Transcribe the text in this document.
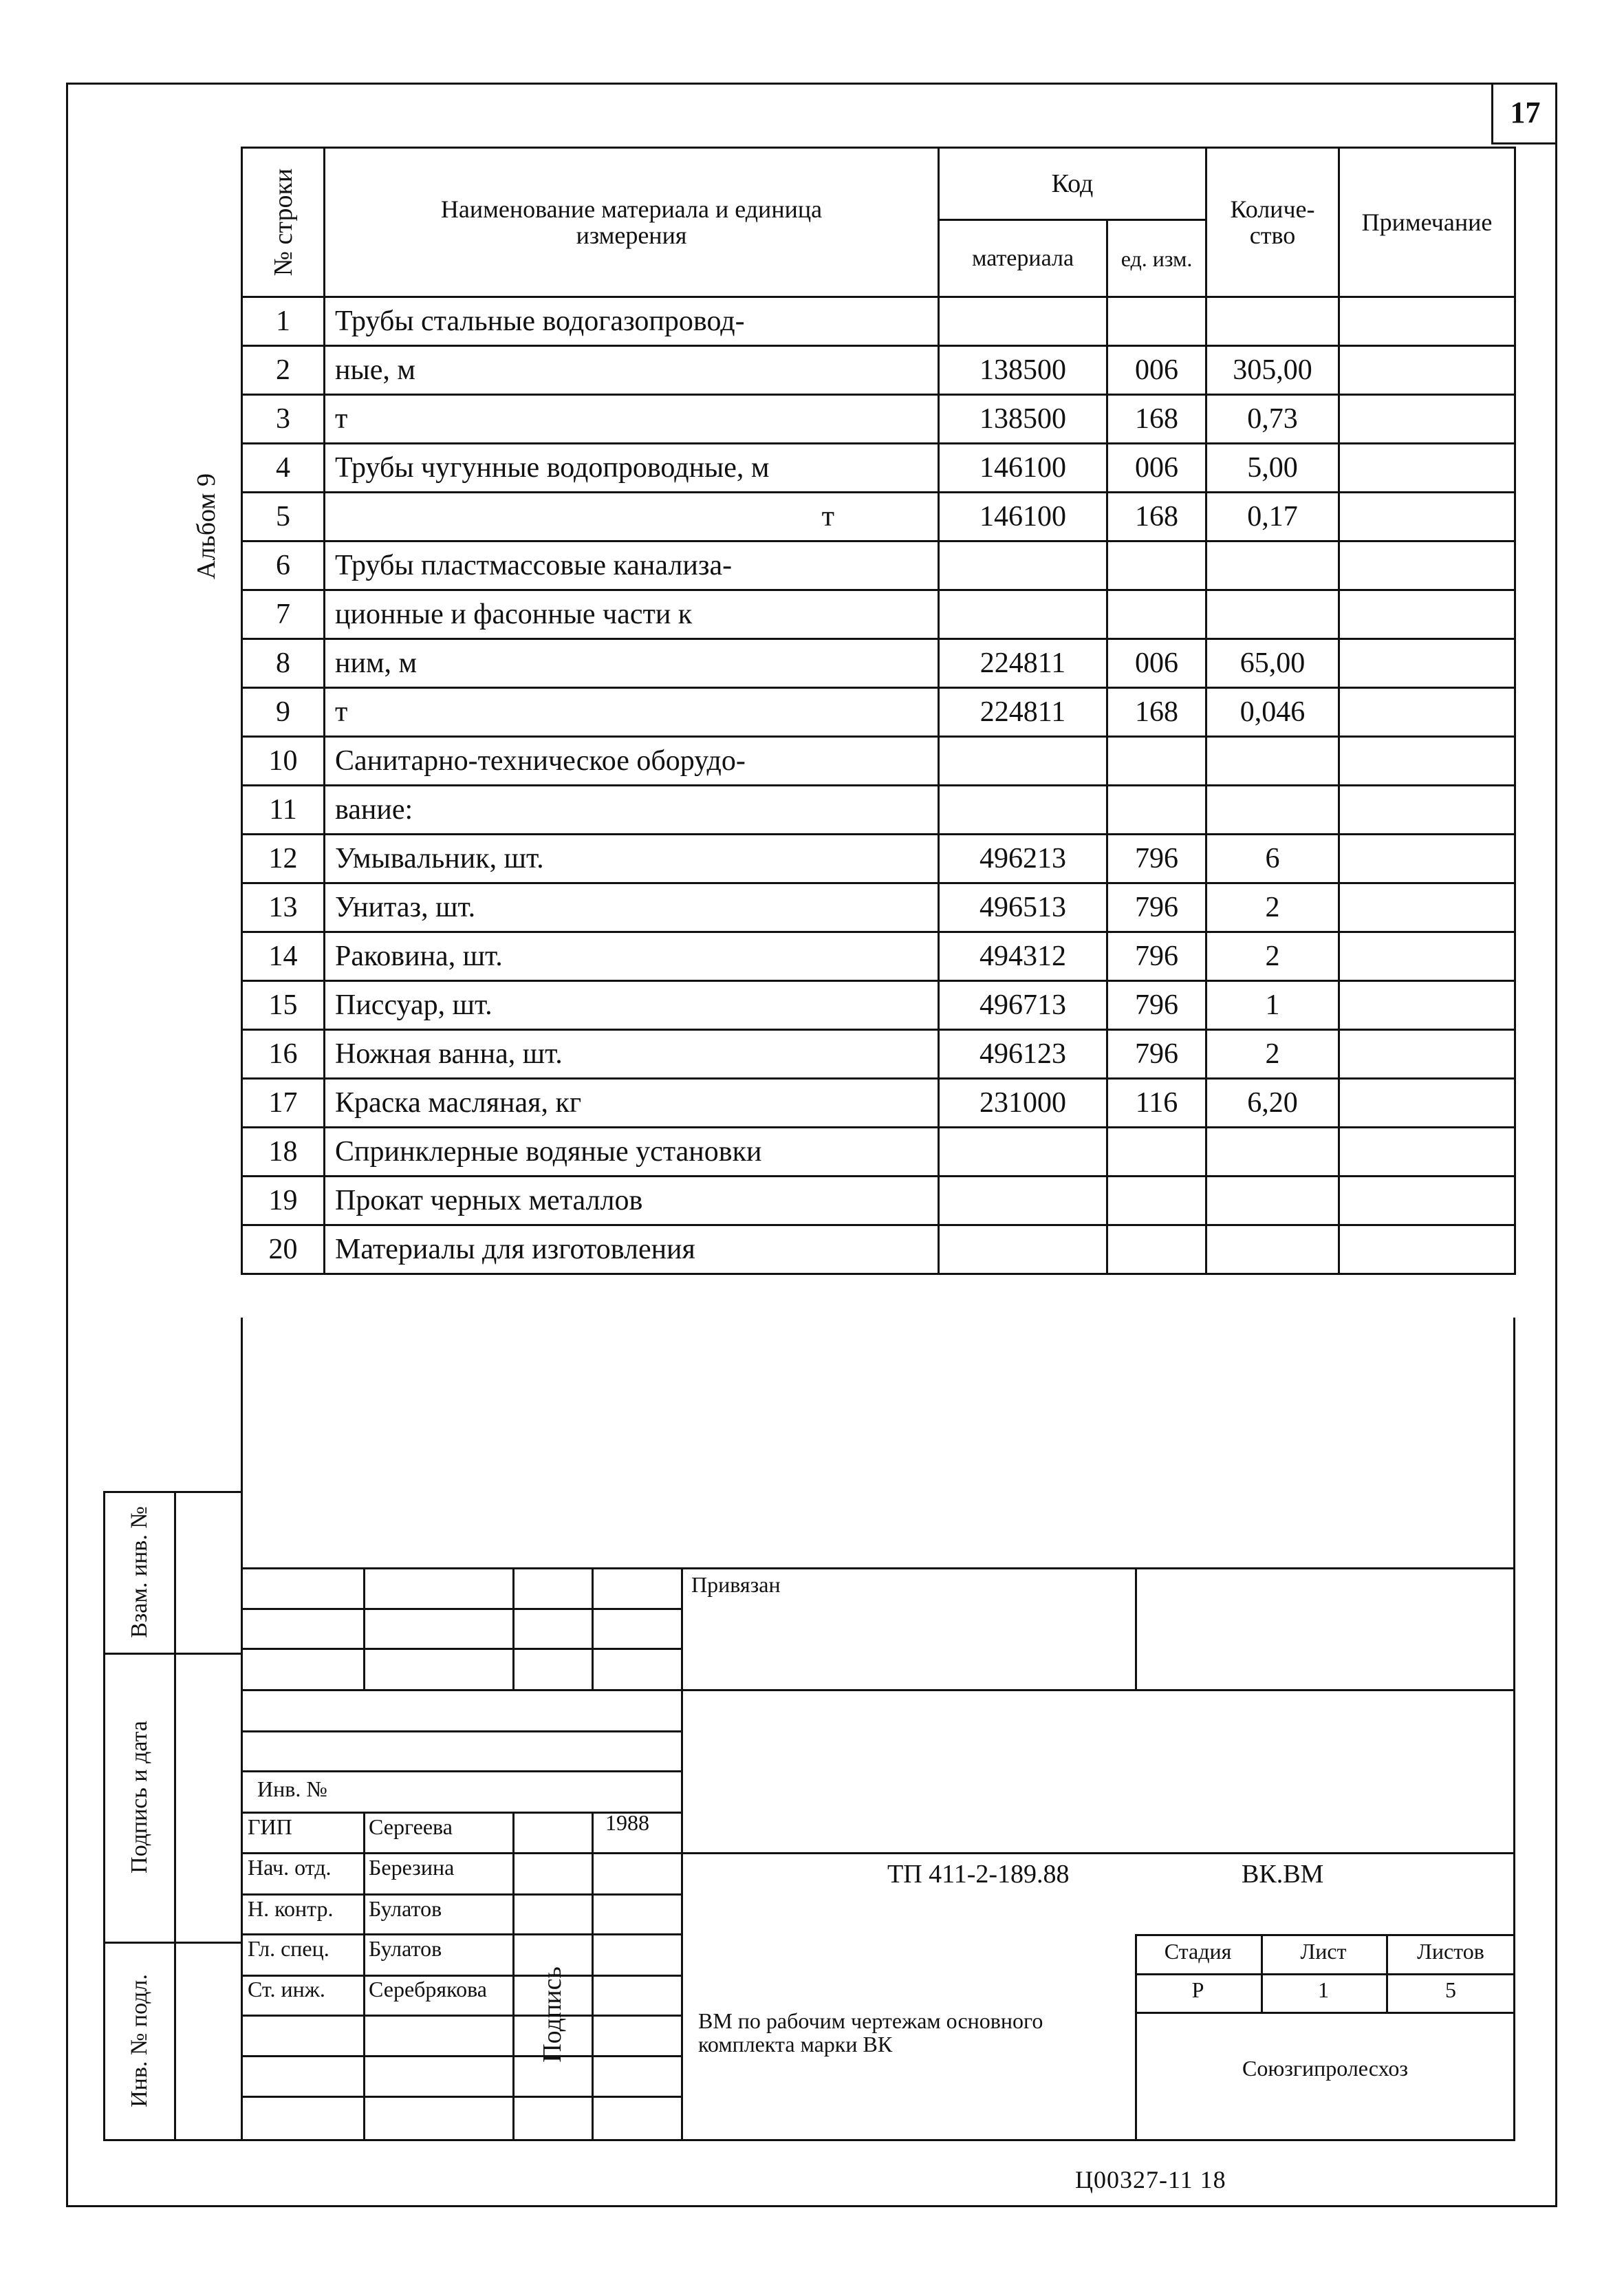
17
Альбом 9
№ строки	Наименование материала и единица измерения	Код		Количе-ство	Примечание
		материала	ед. изм.		
1	Трубы стальные водогазопровод-				
2	ные, м	138500	006	305,00	
3	т	138500	168	0,73	
4	Трубы чугунные водопроводные, м	146100	006	5,00	
5	т	146100	168	0,17	
6	Трубы пластмассовые канализа-				
7	ционные и фасонные части к				
8	ним, м	224811	006	65,00	
9	т	224811	168	0,046	
10	Санитарно-техническое оборудо-				
11	вание:				
12	Умывальник, шт.	496213	796	6	
13	Унитаз, шт.	496513	796	2	
14	Раковина, шт.	494312	796	2	
15	Писсуар, шт.	496713	796	1	
16	Ножная ванна, шт.	496123	796	2	
17	Краска масляная, кг	231000	116	6,20	
18	Спринклерные водяные установки				
19	Прокат черных металлов				
20	Материалы для изготовления				
Взам. инв. №
Подпись и дата
Инв. № подл.
Привязан
Инв. №
ГИП	Сергеева	1988
Нач. отд. Березина
Н. контр. Булатов
Гл. спец. Булатов
Ст. инж. Серебрякова Подпись
ТП 411-2-189.88	ВК.ВМ
ВМ по рабочим чертежам основного комплекта марки ВК
Стадия	Лист	Листов
Р	1	5
Союзгипролесхоз
Ц00327-11 18
